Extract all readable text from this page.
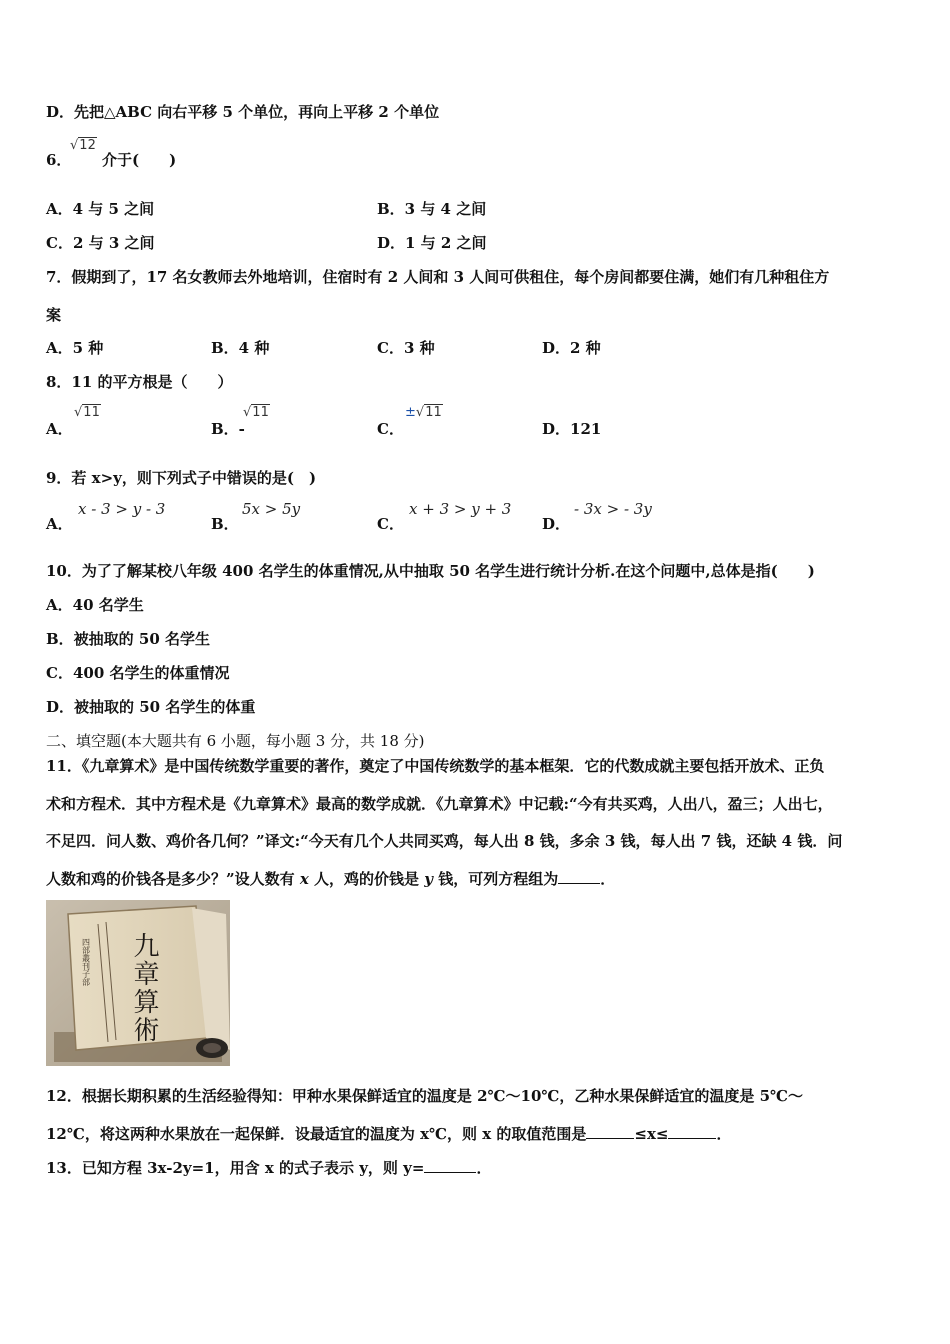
D．先把△ABC 向右平移 5 个单位，再向上平移 2 个单位
6．
√12
介于(　　)
A．4 与 5 之间	B．3 与 4 之间
C．2 与 3 之间	D．1 与 2 之间
7．假期到了，17 名女教师去外地培训，住宿时有 2 人间和 3 人间可供租住，每个房间都要住满，她们有几种租住方
案
A．5 种	B．4 种	C．3 种	D．2 种
8．11 的平方根是（　　）
A．
√11
B．-
√11
C．
±√11
D．121
9．若 x>y，则下列式子中错误的是(　)
A．
x - 3 > y - 3
B．
5x > 5y
C．
x + 3 > y + 3
D．
- 3x > - 3y
10．为了了解某校八年级 400 名学生的体重情况,从中抽取 50 名学生进行统计分析.在这个问题中,总体是指(　　)
A．40 名学生
B．被抽取的 50 名学生
C．400 名学生的体重情况
D．被抽取的 50 名学生的体重
二、填空题(本大题共有 6 小题，每小题 3 分，共 18 分)
11．《九章算术》是中国传统数学重要的著作，奠定了中国传统数学的基本框架．它的代数成就主要包括开放术、正负
术和方程术．其中方程术是《九章算术》最高的数学成就．《九章算术》中记载:“今有共买鸡，人出八，盈三；人出七，
不足四．问人数、鸡价各几何？”译文:“今天有几个人共同买鸡，每人出 8 钱，多余 3 钱，每人出 7 钱，还缺 4 钱．问
人数和鸡的价钱各是多少？”设人数有 x 人，鸡的价钱是 y 钱，可列方程组为	．
四部叢刊子部 九章算術
12．根据长期积累的生活经验得知：甲种水果保鲜适宜的温度是 2℃～10℃，乙种水果保鲜适宜的温度是 5℃～
12℃，将这两种水果放在一起保鲜．设最适宜的温度为 x℃，则 x 的取值范围是	≤x≤	．
13．已知方程 3x-2y=1，用含 x 的式子表示 y，则 y=	．
